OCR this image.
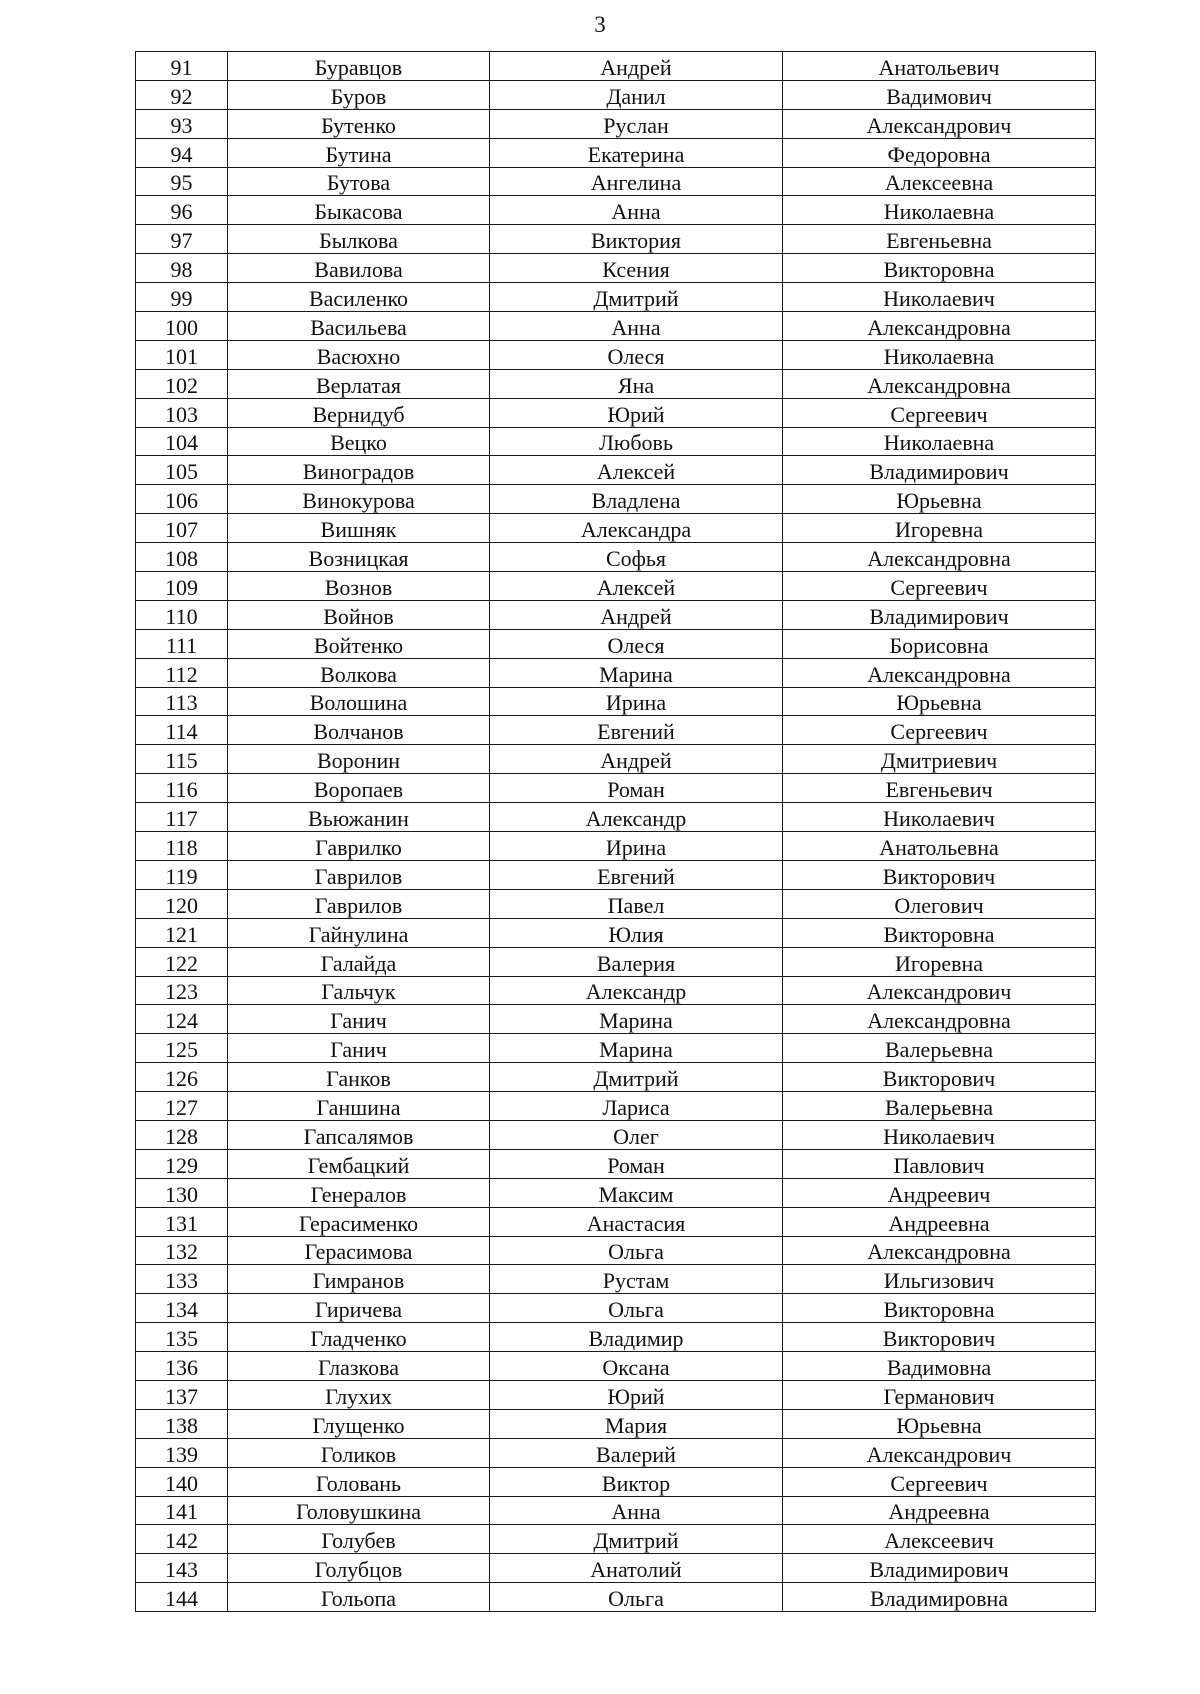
3
91	Буравцов	Андрей	Анатольевич
92	Буров	Данил	Вадимович
93	Бутенко	Руслан	Александрович
94	Бутина	Екатерина	Федоровна
95	Бутова	Ангелина	Алексеевна
96	Быкасова	Анна	Николаевна
97	Былкова	Виктория	Евгеньевна
98	Вавилова	Ксения	Викторовна
99	Василенко	Дмитрий	Николаевич
100	Васильева	Анна	Александровна
101	Васюхно	Олеся	Николаевна
102	Верлатая	Яна	Александровна
103	Вернидуб	Юрий	Сергеевич
104	Вецко	Любовь	Николаевна
105	Виноградов	Алексей	Владимирович
106	Винокурова	Владлена	Юрьевна
107	Вишняк	Александра	Игоревна
108	Возницкая	Софья	Александровна
109	Вознов	Алексей	Сергеевич
110	Войнов	Андрей	Владимирович
111	Войтенко	Олеся	Борисовна
112	Волкова	Марина	Александровна
113	Волошина	Ирина	Юрьевна
114	Волчанов	Евгений	Сергеевич
115	Воронин	Андрей	Дмитриевич
116	Воропаев	Роман	Евгеньевич
117	Вьюжанин	Александр	Николаевич
118	Гаврилко	Ирина	Анатольевна
119	Гаврилов	Евгений	Викторович
120	Гаврилов	Павел	Олегович
121	Гайнулина	Юлия	Викторовна
122	Галайда	Валерия	Игоревна
123	Гальчук	Александр	Александрович
124	Ганич	Марина	Александровна
125	Ганич	Марина	Валерьевна
126	Ганков	Дмитрий	Викторович
127	Ганшина	Лариса	Валерьевна
128	Гапсалямов	Олег	Николаевич
129	Гембацкий	Роман	Павлович
130	Генералов	Максим	Андреевич
131	Герасименко	Анастасия	Андреевна
132	Герасимова	Ольга	Александровна
133	Гимранов	Рустам	Ильгизович
134	Гиричева	Ольга	Викторовна
135	Гладченко	Владимир	Викторович
136	Глазкова	Оксана	Вадимовна
137	Глухих	Юрий	Германович
138	Глущенко	Мария	Юрьевна
139	Голиков	Валерий	Александрович
140	Головань	Виктор	Сергеевич
141	Головушкина	Анна	Андреевна
142	Голубев	Дмитрий	Алексеевич
143	Голубцов	Анатолий	Владимирович
144	Гольопа	Ольга	Владимировна
